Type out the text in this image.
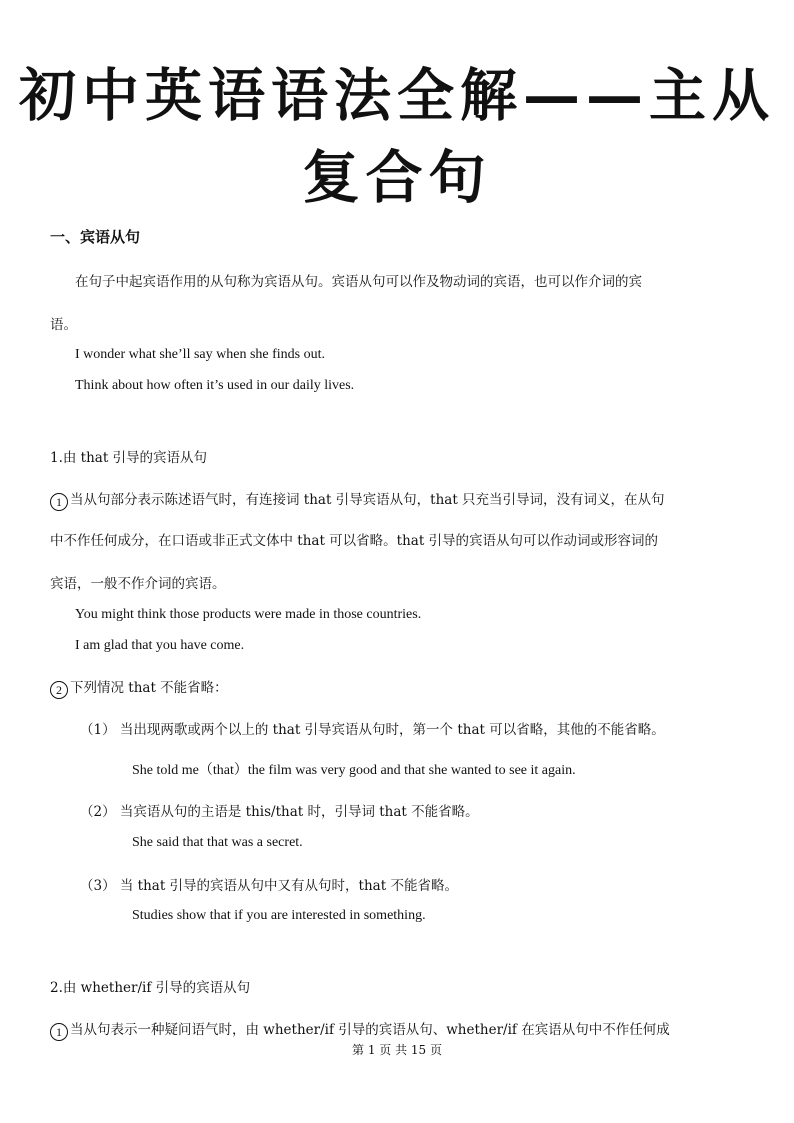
初中英语语法全解——主从
复合句
一、宾语从句
在句子中起宾语作用的从句称为宾语从句。宾语从句可以作及物动词的宾语，也可以作介词的宾
语。
I wonder what she’ll say when she finds out.
Think about how often it’s used in our daily lives.
1.由 that 引导的宾语从句
1 当从句部分表示陈述语气时，有连接词 that 引导宾语从句，that 只充当引导词，没有词义，在从句
中不作任何成分，在口语或非正式文体中 that 可以省略。that 引导的宾语从句可以作动词或形容词的
宾语，一般不作介词的宾语。
You might think those products were made in those countries.
I am glad that you have come.
2 下列情况 that 不能省略：
（1） 当出现两歌或两个以上的 that 引导宾语从句时，第一个 that 可以省略，其他的不能省略。
She told me（that）the film was very good and that she wanted to see it again.
（2） 当宾语从句的主语是 this/that 时，引导词 that 不能省略。
She said that that was a secret.
（3） 当 that 引导的宾语从句中又有从句时，that 不能省略。
Studies show that if you are interested in something.
2.由 whether/if 引导的宾语从句
1 当从句表示一种疑问语气时，由 whether/if 引导的宾语从句、whether/if 在宾语从句中不作任何成
第 1 页 共 15 页
